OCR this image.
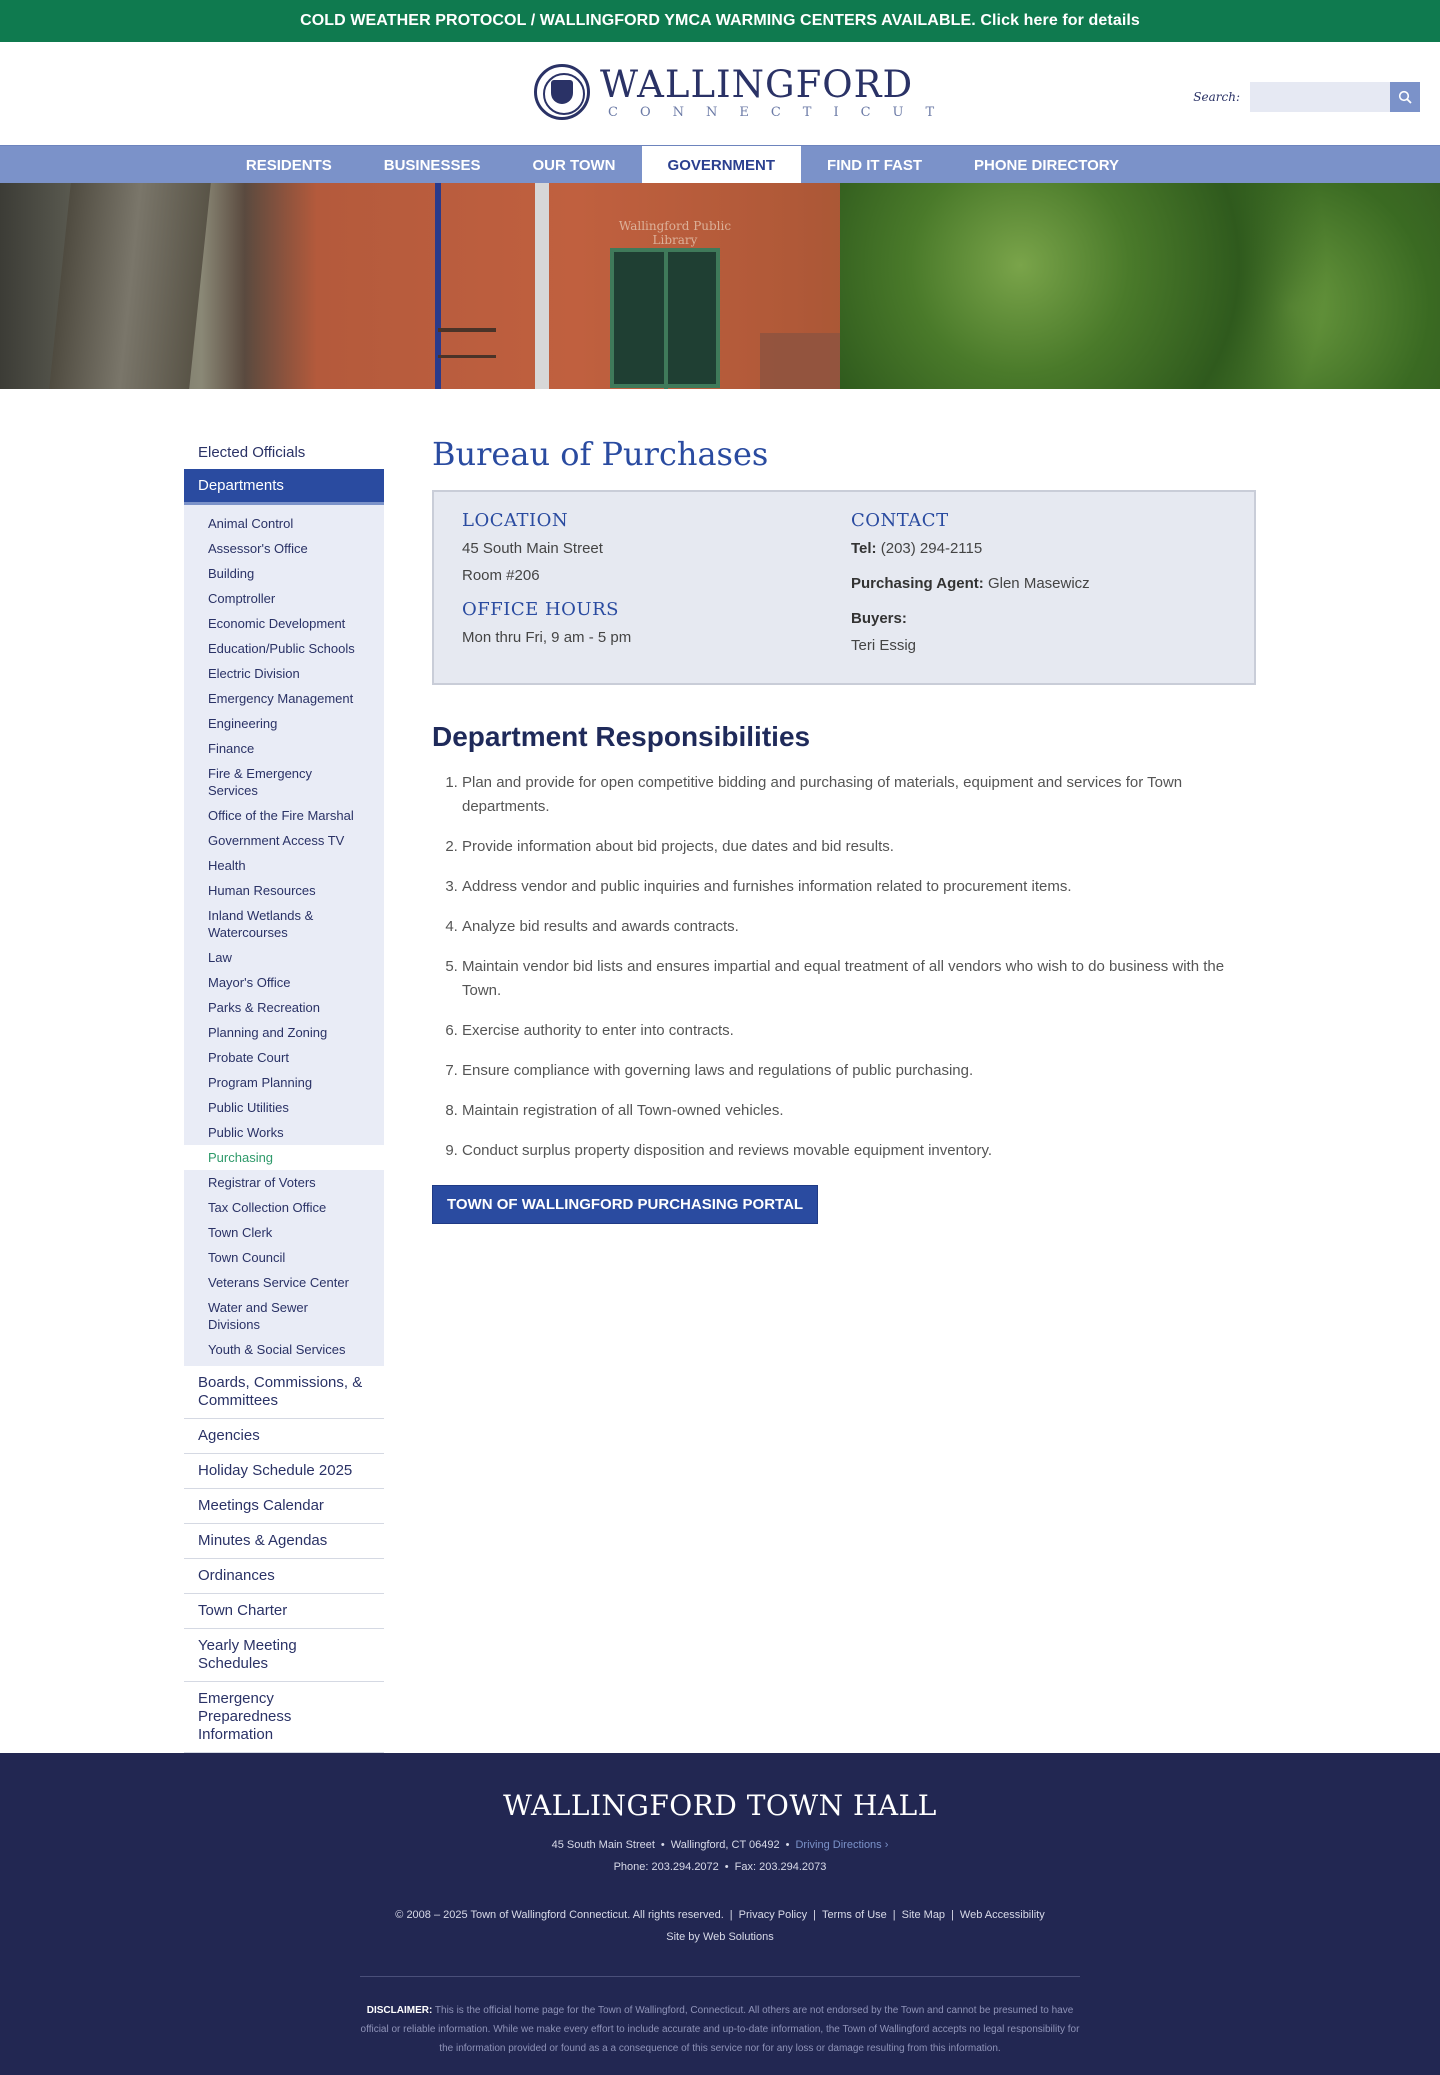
COLD WEATHER PROTOCOL / WALLINGFORD YMCA WARMING CENTERS AVAILABLE. Click here for details
WALLINGFORD
CONNECTICUT
Search:
RESIDENTS	BUSINESSES	OUR TOWN	GOVERNMENT	FIND IT FAST	PHONE DIRECTORY
Wallingford Public Library
Elected Officials
Departments
Animal Control
Assessor's Office
Building
Comptroller
Economic Development
Education/Public Schools
Electric Division
Emergency Management
Engineering
Finance
Fire & Emergency Services
Office of the Fire Marshal
Government Access TV
Health
Human Resources
Inland Wetlands & Watercourses
Law
Mayor's Office
Parks & Recreation
Planning and Zoning
Probate Court
Program Planning
Public Utilities
Public Works
Purchasing
Registrar of Voters
Tax Collection Office
Town Clerk
Town Council
Veterans Service Center
Water and Sewer Divisions
Youth & Social Services
Boards, Commissions, & Committees
Agencies
Holiday Schedule 2025
Meetings Calendar
Minutes & Agendas
Ordinances
Town Charter
Yearly Meeting Schedules
Emergency Preparedness Information
Bureau of Purchases
LOCATION
45 South Main Street
Room #206
OFFICE HOURS
Mon thru Fri, 9 am - 5 pm
CONTACT
Tel: (203) 294-2115
Purchasing Agent: Glen Masewicz
Buyers:
Teri Essig
Department Responsibilities
1. Plan and provide for open competitive bidding and purchasing of materials, equipment and services for Town departments.
2. Provide information about bid projects, due dates and bid results.
3. Address vendor and public inquiries and furnishes information related to procurement items.
4. Analyze bid results and awards contracts.
5. Maintain vendor bid lists and ensures impartial and equal treatment of all vendors who wish to do business with the Town.
6. Exercise authority to enter into contracts.
7. Ensure compliance with governing laws and regulations of public purchasing.
8. Maintain registration of all Town-owned vehicles.
9. Conduct surplus property disposition and reviews movable equipment inventory.
TOWN OF WALLINGFORD PURCHASING PORTAL
WALLINGFORD TOWN HALL
45 South Main Street • Wallingford, CT 06492 • Driving Directions ›
Phone: 203.294.2072 • Fax: 203.294.2073
© 2008 – 2025 Town of Wallingford Connecticut. All rights reserved. | Privacy Policy | Terms of Use | Site Map | Web Accessibility
Site by Web Solutions
DISCLAIMER: This is the official home page for the Town of Wallingford, Connecticut. All others are not endorsed by the Town and cannot be presumed to have official or reliable information. While we make every effort to include accurate and up-to-date information, the Town of Wallingford accepts no legal responsibility for the information provided or found as a a consequence of this service nor for any loss or damage resulting from this information.
